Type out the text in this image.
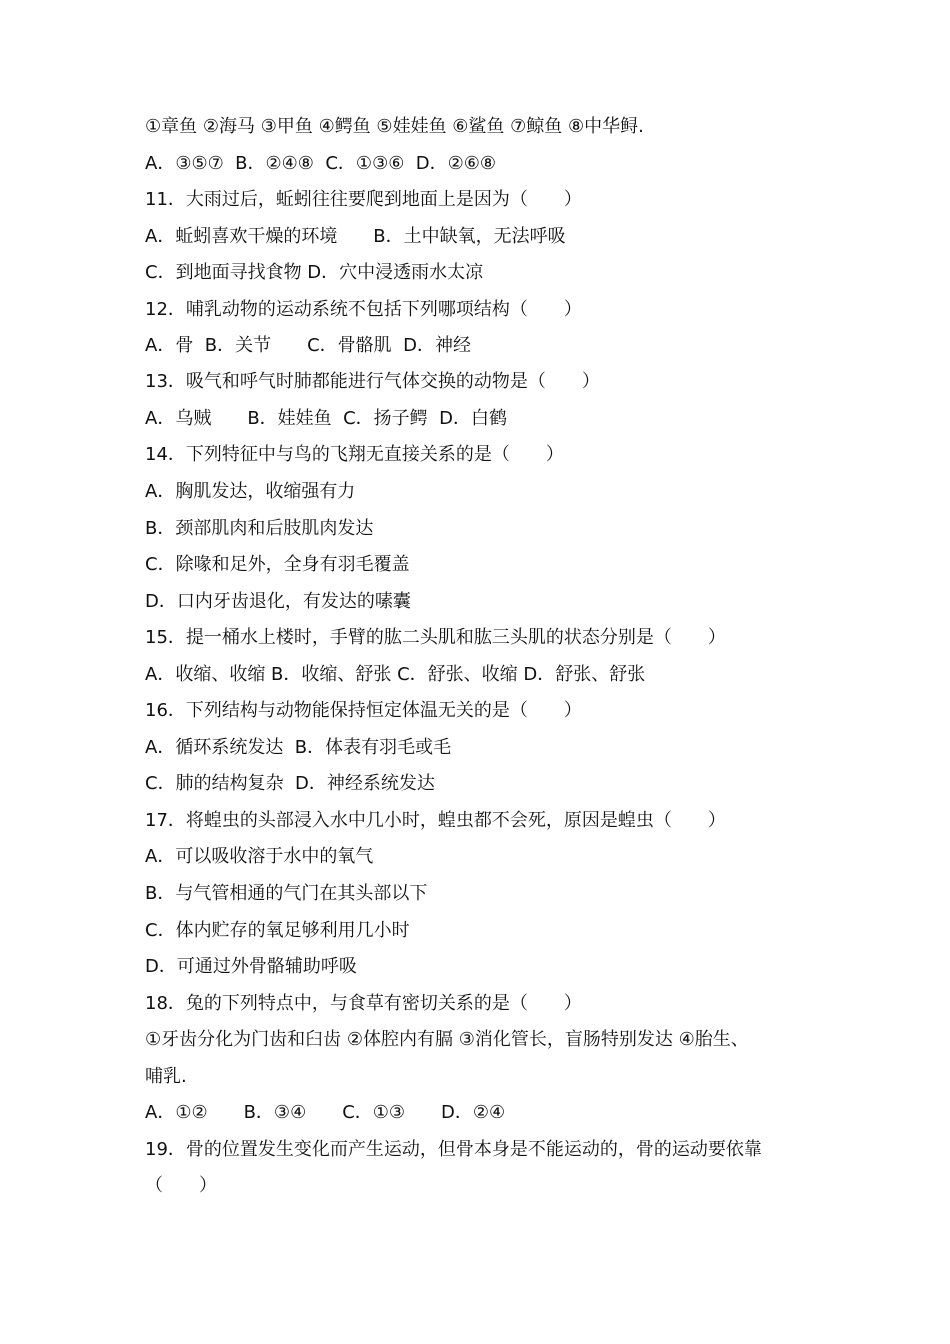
①章鱼 ②海马 ③甲鱼 ④鳄鱼 ⑤娃娃鱼 ⑥鲨鱼 ⑦鲸鱼 ⑧中华鲟.
A．③⑤⑦  B．②④⑧  C．①③⑥  D．②⑥⑧
11．大雨过后，蚯蚓往往要爬到地面上是因为（　　）
A．蚯蚓喜欢干燥的环境　　B．土中缺氧，无法呼吸
C．到地面寻找食物 D．穴中浸透雨水太凉
12．哺乳动物的运动系统不包括下列哪项结构（　　）
A．骨  B．关节　　C．骨骼肌  D．神经
13．吸气和呼气时肺都能进行气体交换的动物是（　　）
A．乌贼　　B．娃娃鱼  C．扬子鳄  D．白鹤
14．下列特征中与鸟的飞翔无直接关系的是（　　）
A．胸肌发达，收缩强有力
B．颈部肌肉和后肢肌肉发达
C．除喙和足外，全身有羽毛覆盖
D．口内牙齿退化，有发达的嗉囊
15．提一桶水上楼时，手臂的肱二头肌和肱三头肌的状态分别是（　　）
A．收缩、收缩 B．收缩、舒张 C．舒张、收缩 D．舒张、舒张
16．下列结构与动物能保持恒定体温无关的是（　　）
A．循环系统发达  B．体表有羽毛或毛
C．肺的结构复杂  D．神经系统发达
17．将蝗虫的头部浸入水中几小时，蝗虫都不会死，原因是蝗虫（　　）
A．可以吸收溶于水中的氧气
B．与气管相通的气门在其头部以下
C．体内贮存的氧足够利用几小时
D．可通过外骨骼辅助呼吸
18．兔的下列特点中，与食草有密切关系的是（　　）
①牙齿分化为门齿和臼齿 ②体腔内有膈 ③消化管长，盲肠特别发达 ④胎生、
哺乳.
A．①②　　B．③④　　C．①③　　D．②④
19．骨的位置发生变化而产生运动，但骨本身是不能运动的，骨的运动要依靠
（　　）
